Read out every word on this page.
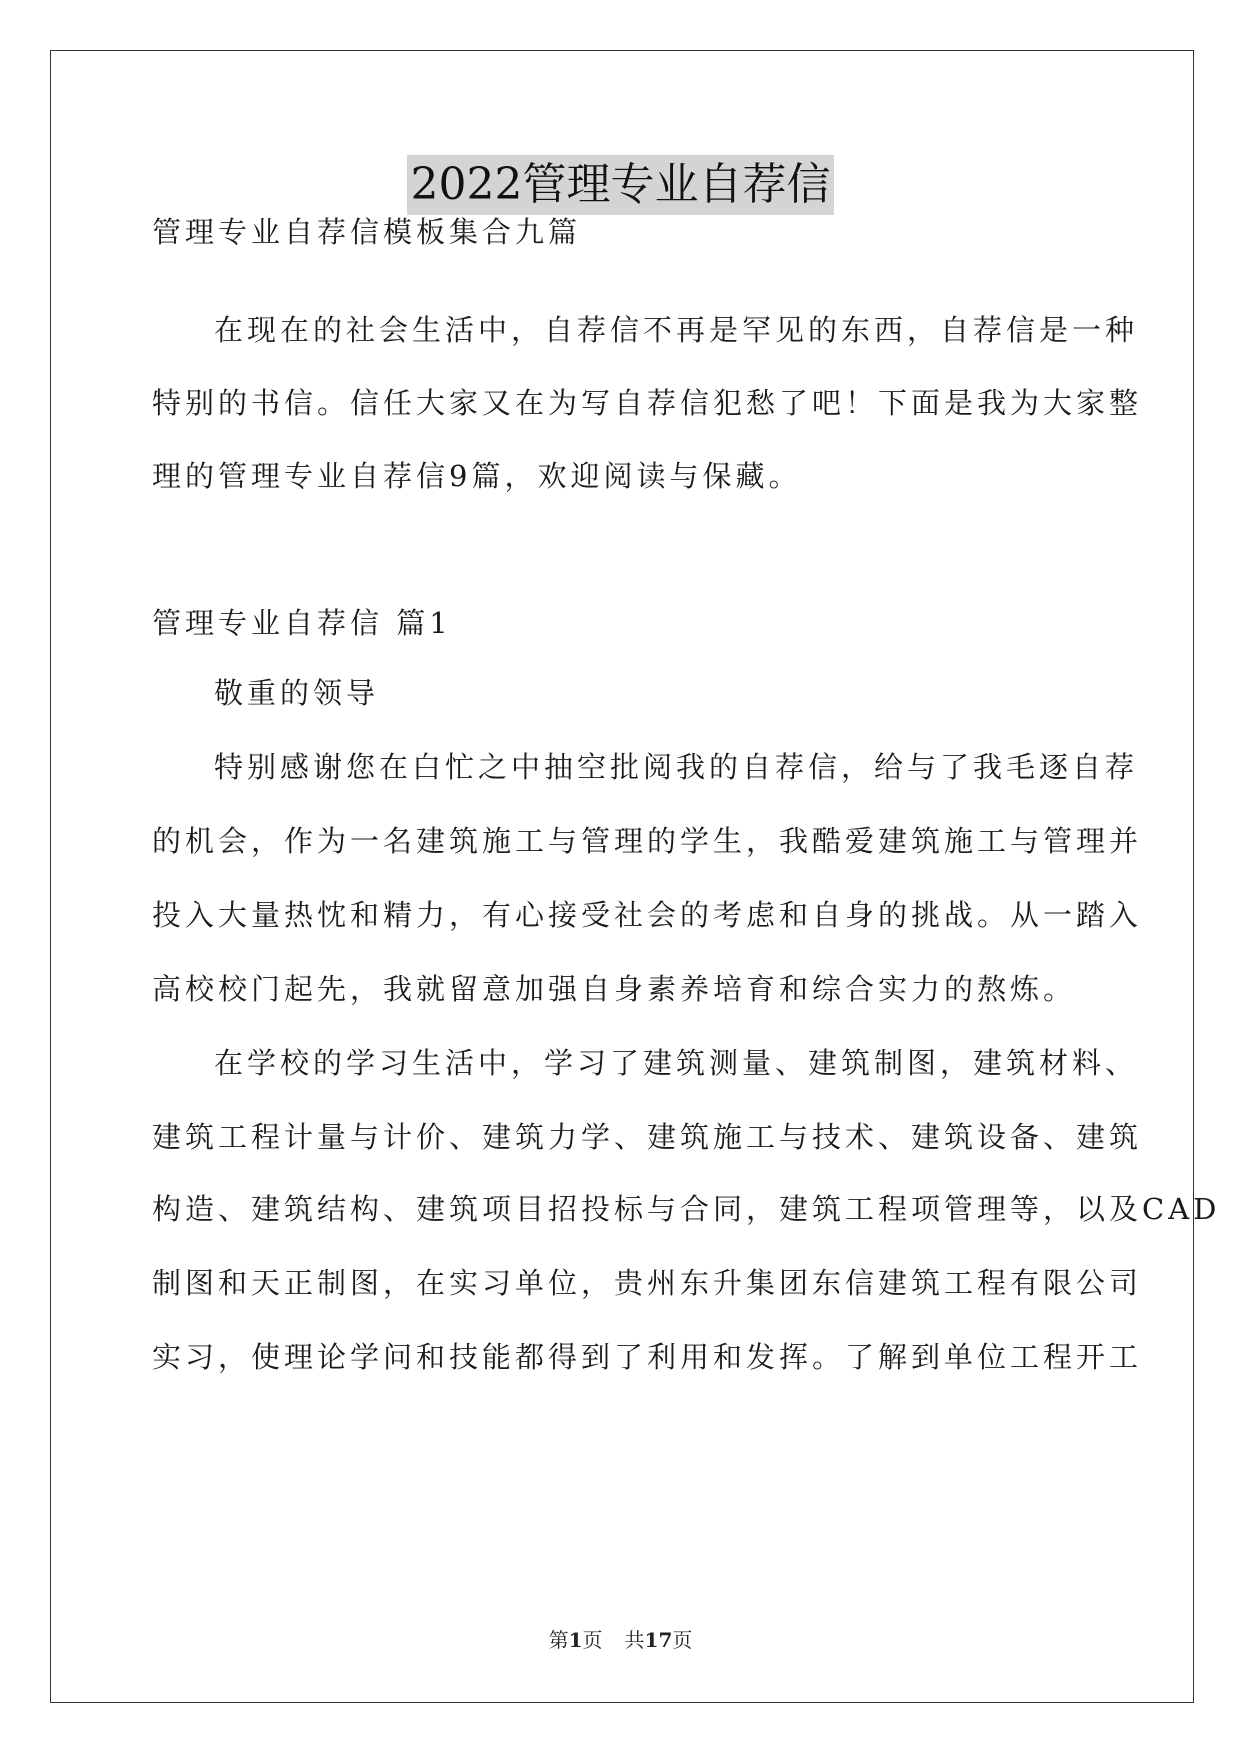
2022管理专业自荐信
管理专业自荐信模板集合九篇
在现在的社会生活中，自荐信不再是罕见的东西，自荐信是一种
特别的书信。信任大家又在为写自荐信犯愁了吧！下面是我为大家整
理的管理专业自荐信9篇，欢迎阅读与保藏。
管理专业自荐信 篇1
敬重的领导
特别感谢您在白忙之中抽空批阅我的自荐信，给与了我毛逐自荐
的机会，作为一名建筑施工与管理的学生，我酷爱建筑施工与管理并
投入大量热忱和精力，有心接受社会的考虑和自身的挑战。从一踏入
高校校门起先，我就留意加强自身素养培育和综合实力的熬炼。
在学校的学习生活中，学习了建筑测量、建筑制图，建筑材料、
建筑工程计量与计价、建筑力学、建筑施工与技术、建筑设备、建筑
构造、建筑结构、建筑项目招投标与合同，建筑工程项管理等，以及CAD
制图和天正制图，在实习单位，贵州东升集团东信建筑工程有限公司
实习，使理论学问和技能都得到了利用和发挥。了解到单位工程开工
第1页 共17页
